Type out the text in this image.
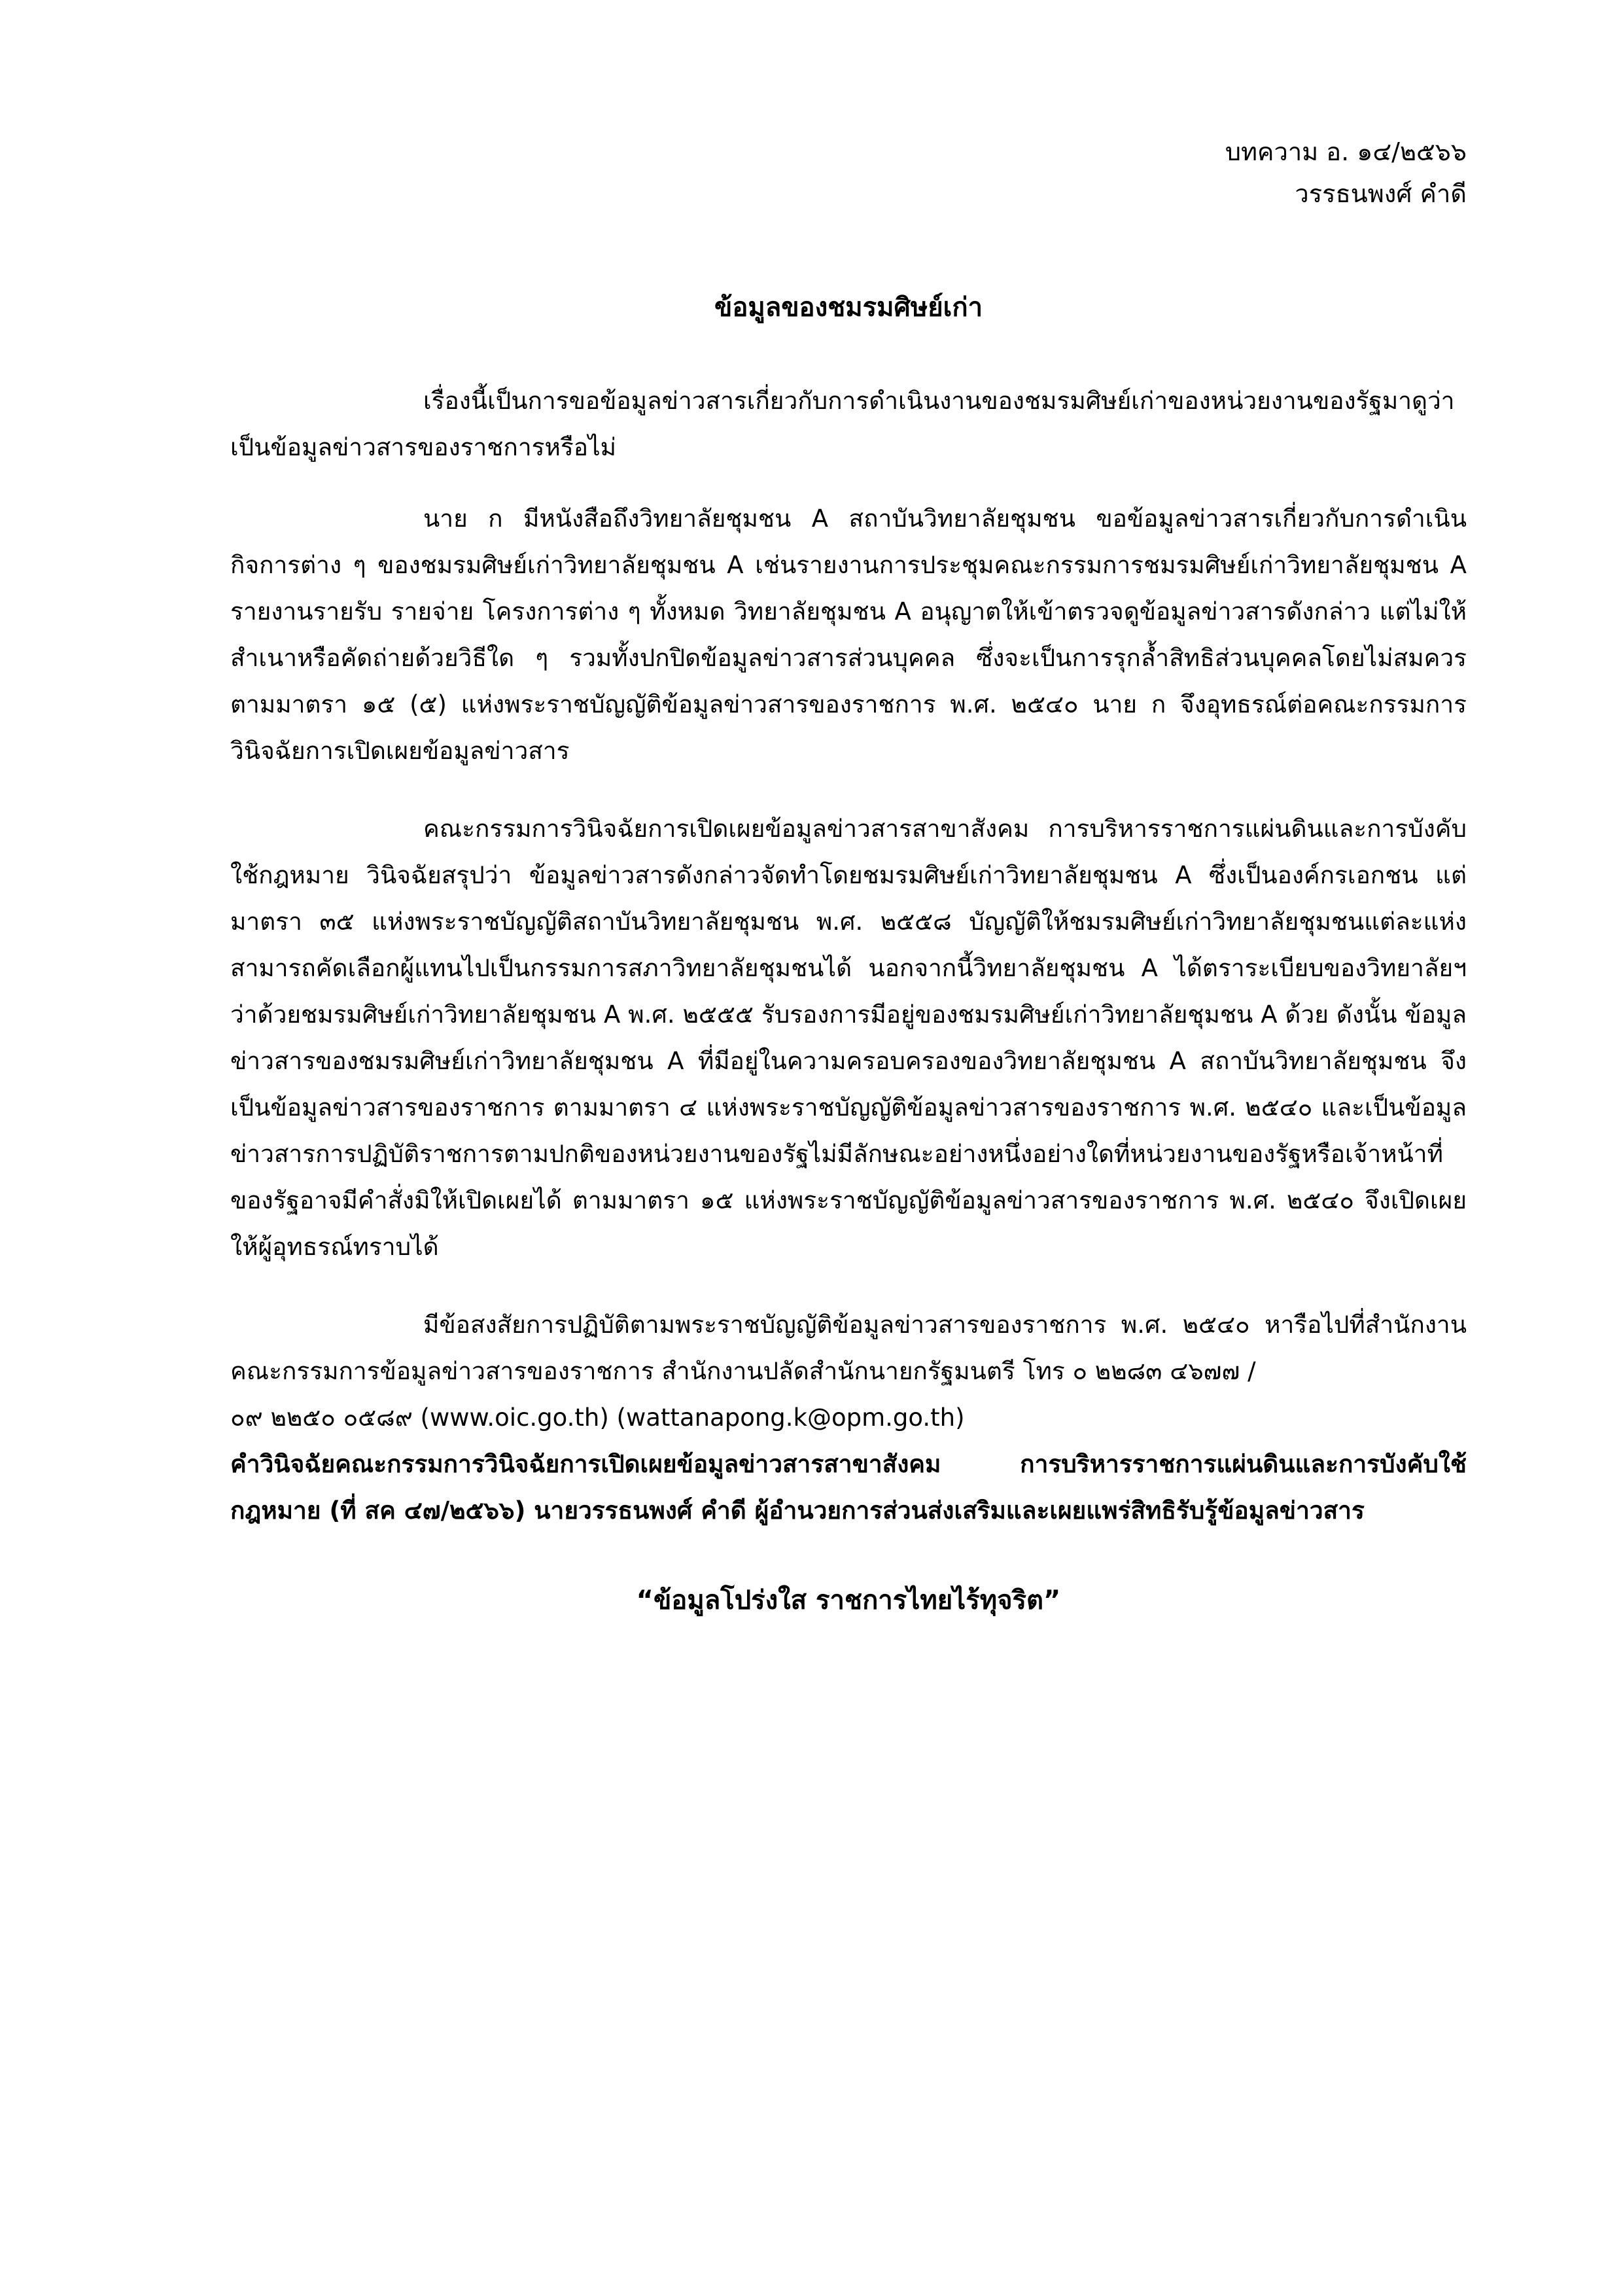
บทความ อ. ๑๔/๒๕๖๖
วรรธนพงศ์ คำดี
ข้อมูลของชมรมศิษย์เก่า

เรื่องนี้เป็นการขอข้อมูลข่าวสารเกี่ยวกับการดำเนินงานของชมรมศิษย์เก่าของหน่วยงานของรัฐมาดูว่า เป็นข้อมูลข่าวสารของราชการหรือไม่

นาย ก มีหนังสือถึงวิทยาลัยชุมชน A สถาบันวิทยาลัยชุมชน ขอข้อมูลข่าวสารเกี่ยวกับการดำเนินกิจการต่าง ๆ ของชมรมศิษย์เก่าวิทยาลัยชุมชน A เช่นรายงานการประชุมคณะกรรมการชมรมศิษย์เก่าวิทยาลัยชุมชน A รายงานรายรับ รายจ่าย โครงการต่าง ๆ ทั้งหมด วิทยาลัยชุมชน A อนุญาตให้เข้าตรวจดูข้อมูลข่าวสารดังกล่าว แต่ไม่ให้สำเนาหรือคัดถ่ายด้วยวิธีใด ๆ รวมทั้งปกปิดข้อมูลข่าวสารส่วนบุคคล ซึ่งจะเป็นการรุกล้ำสิทธิส่วนบุคคลโดยไม่สมควร ตามมาตรา ๑๕ (๕) แห่งพระราชบัญญัติข้อมูลข่าวสารของราชการ พ.ศ. ๒๕๔๐ นาย ก จึงอุทธรณ์ต่อคณะกรรมการวินิจฉัยการเปิดเผยข้อมูลข่าวสาร

คณะกรรมการวินิจฉัยการเปิดเผยข้อมูลข่าวสารสาขาสังคม การบริหารราชการแผ่นดินและการบังคับใช้กฎหมาย วินิจฉัยสรุปว่า ข้อมูลข่าวสารดังกล่าวจัดทำโดยชมรมศิษย์เก่าวิทยาลัยชุมชน A ซึ่งเป็นองค์กรเอกชน แต่มาตรา ๓๕ แห่งพระราชบัญญัติสถาบันวิทยาลัยชุมชน พ.ศ. ๒๕๕๘ บัญญัติให้ชมรมศิษย์เก่าวิทยาลัยชุมชนแต่ละแห่งสามารถคัดเลือกผู้แทนไปเป็นกรรมการสภาวิทยาลัยชุมชนได้ นอกจากนี้วิทยาลัยชุมชน A ได้ตราระเบียบของวิทยาลัยฯ ว่าด้วยชมรมศิษย์เก่าวิทยาลัยชุมชน A พ.ศ. ๒๕๕๕ รับรองการมีอยู่ของชมรมศิษย์เก่าวิทยาลัยชุมชน A ด้วย ดังนั้น ข้อมูลข่าวสารของชมรมศิษย์เก่าวิทยาลัยชุมชน A ที่มีอยู่ในความครอบครองของวิทยาลัยชุมชน A สถาบันวิทยาลัยชุมชน จึงเป็นข้อมูลข่าวสารของราชการ ตามมาตรา ๔ แห่งพระราชบัญญัติข้อมูลข่าวสารของราชการ พ.ศ. ๒๕๔๐ และเป็นข้อมูลข่าวสารการปฏิบัติราชการตามปกติของหน่วยงานของรัฐไม่มีลักษณะอย่างหนึ่งอย่างใดที่หน่วยงานของรัฐหรือเจ้าหน้าที่ของรัฐอาจมีคำสั่งมิให้เปิดเผยได้ ตามมาตรา ๑๕ แห่งพระราชบัญญัติข้อมูลข่าวสารของราชการ พ.ศ. ๒๕๔๐ จึงเปิดเผยให้ผู้อุทธรณ์ทราบได้

มีข้อสงสัยการปฏิบัติตามพระราชบัญญัติข้อมูลข่าวสารของราชการ พ.ศ. ๒๕๔๐ หารือไปที่สำนักงานคณะกรรมการข้อมูลข่าวสารของราชการ สำนักงานปลัดสำนักนายกรัฐมนตรี โทร ๐ ๒๒๘๓ ๔๖๗๗ /

๐๙ ๒๒๕๐ ๐๕๘๙ (www.oic.go.th) (wattanapong.k@opm.go.th)

คำวินิจฉัยคณะกรรมการวินิจฉัยการเปิดเผยข้อมูลข่าวสารสาขาสังคม การบริหารราชการแผ่นดินและการบังคับใช้กฎหมาย (ที่ สค ๔๗/๒๕๖๖) นายวรรธนพงศ์ คำดี ผู้อำนวยการส่วนส่งเสริมและเผยแพร่สิทธิรับรู้ข้อมูลข่าวสาร

“ข้อมูลโปร่งใส ราชการไทยไร้ทุจริต”
